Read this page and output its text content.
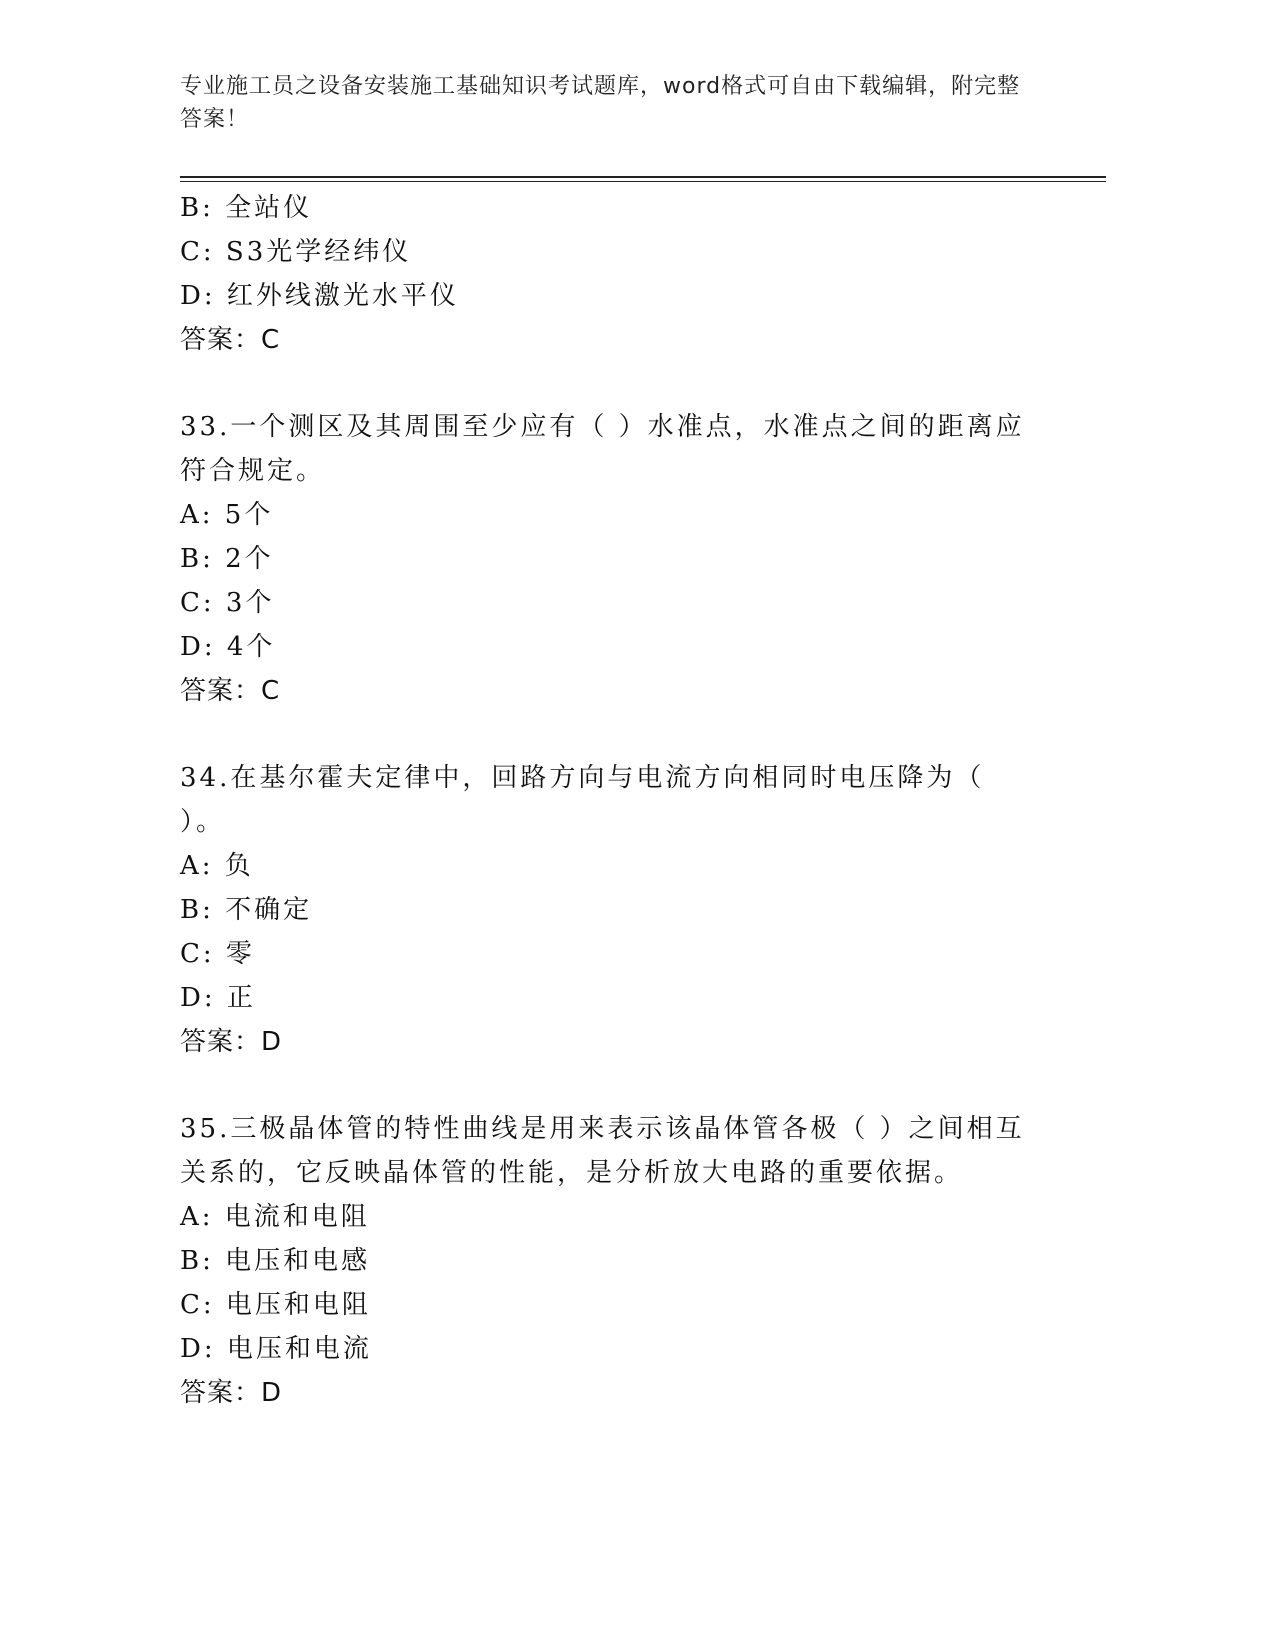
专业施工员之设备安装施工基础知识考试题库，word格式可自由下载编辑，附完整答案！
B: 全站仪
C: S3光学经纬仪
D: 红外线激光水平仪
答案：C
33.一个测区及其周围至少应有（ ）水准点，水准点之间的距离应符合规定。
A: 5个
B: 2个
C: 3个
D: 4个
答案：C
34.在基尔霍夫定律中，回路方向与电流方向相同时电压降为（ ）。
A: 负
B: 不确定
C: 零
D: 正
答案：D
35.三极晶体管的特性曲线是用来表示该晶体管各极（ ）之间相互关系的，它反映晶体管的性能，是分析放大电路的重要依据。
A: 电流和电阻
B: 电压和电感
C: 电压和电阻
D: 电压和电流
答案：D
